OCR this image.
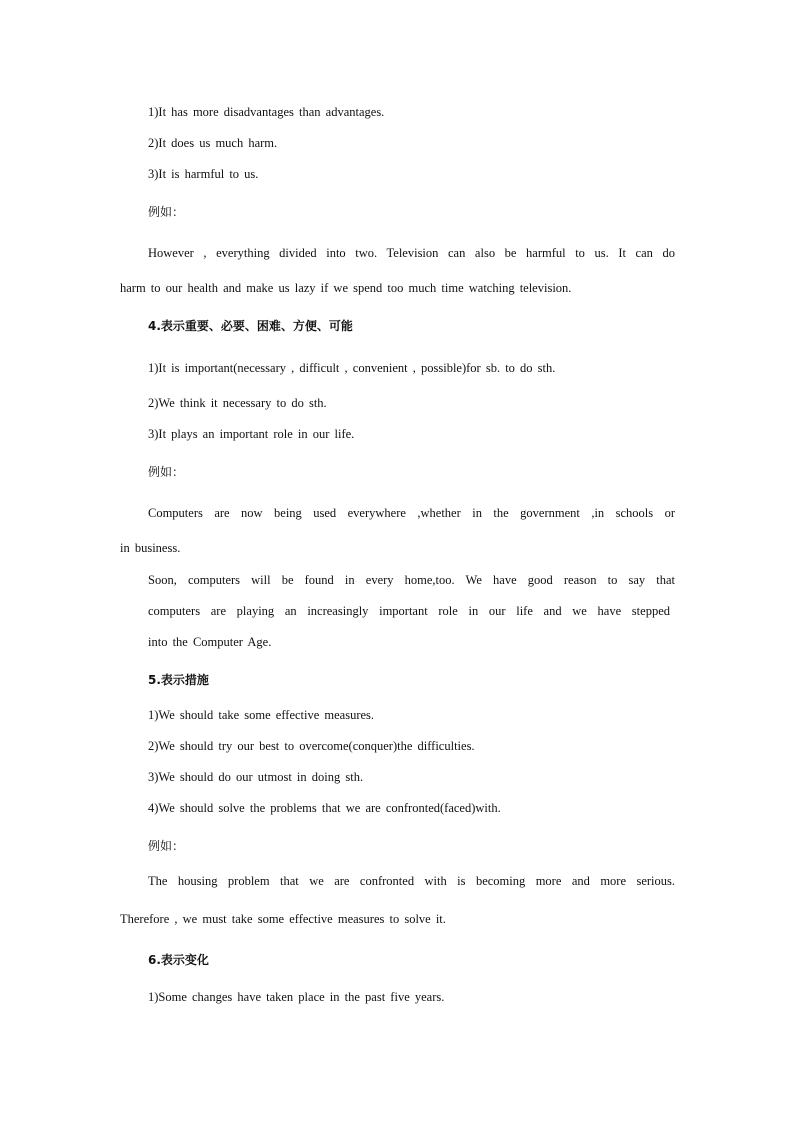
1)It has more disadvantages than advantages.
2)It does us much harm.
3)It is harmful to us.
例如：
However , everything divided into two. Television can also be harmful to us. It can do
harm to our health and make us lazy if we spend too much time watching television.
4.表示重要、必要、困难、方便、可能
1)It is important(necessary , difficult , convenient , possible)for sb. to do sth.
2)We think it necessary to do sth.
3)It plays an important role in our life.
例如：
Computers are now being used everywhere ,whether in the government ,in schools or
in business.
Soon, computers will be found in every home,too. We have good reason to say that
computers are playing an increasingly important role in our life and we have stepped
into the Computer Age.
5.表示措施
1)We should take some effective measures.
2)We should try our best to overcome(conquer)the difficulties.
3)We should do our utmost in doing sth.
4)We should solve the problems that we are confronted(faced)with.
例如：
The housing problem that we are confronted with is becoming more and more serious.
Therefore , we must take some effective measures to solve it.
6.表示变化
1)Some changes have taken place in the past five years.
